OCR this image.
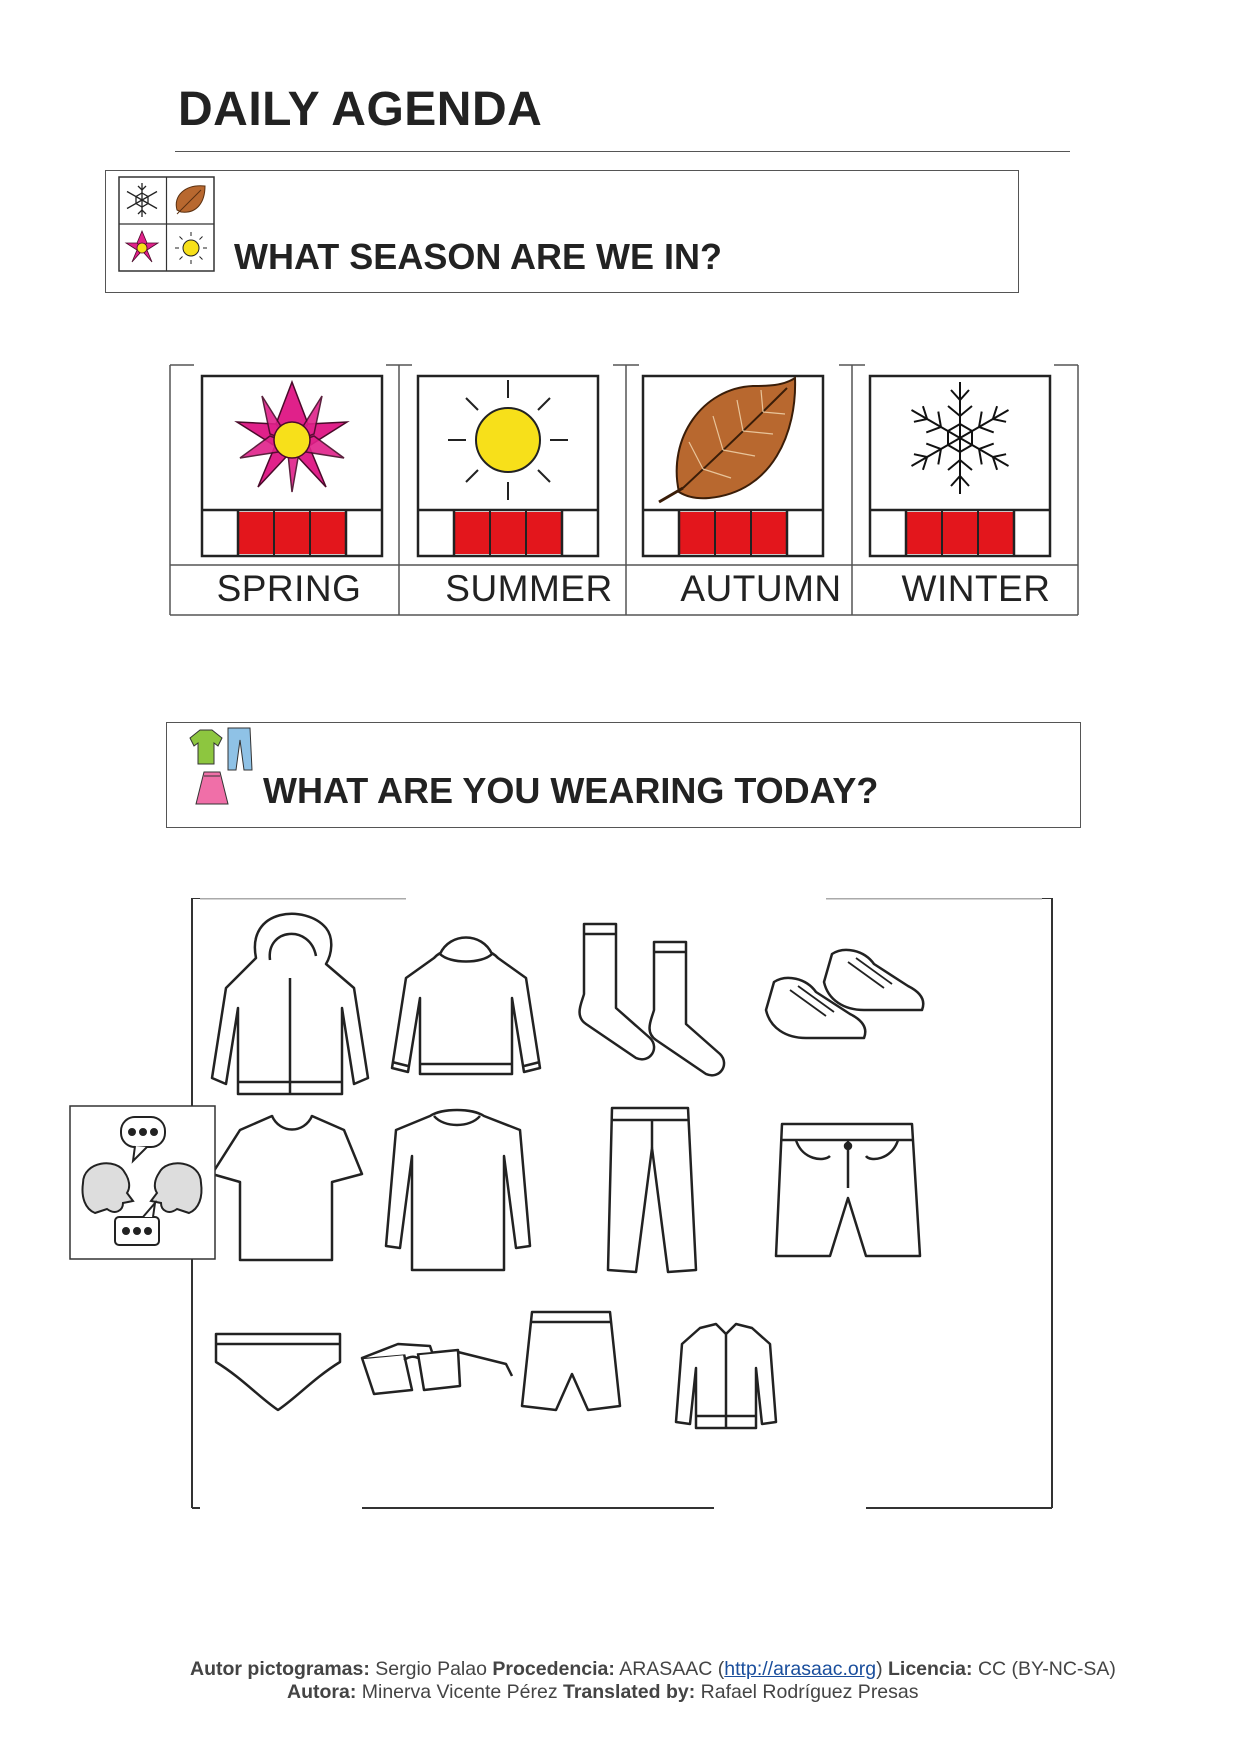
DAILY AGENDA
WHAT SEASON ARE WE IN?
SPRING	SUMMER	AUTUMN	WINTER
WHAT ARE YOU WEARING TODAY?
Autor pictogramas: Sergio Palao Procedencia: ARASAAC (http://arasaac.org) Licencia: CC (BY-NC-SA)
Autora: Minerva Vicente Pérez Translated by: Rafael Rodríguez Presas
